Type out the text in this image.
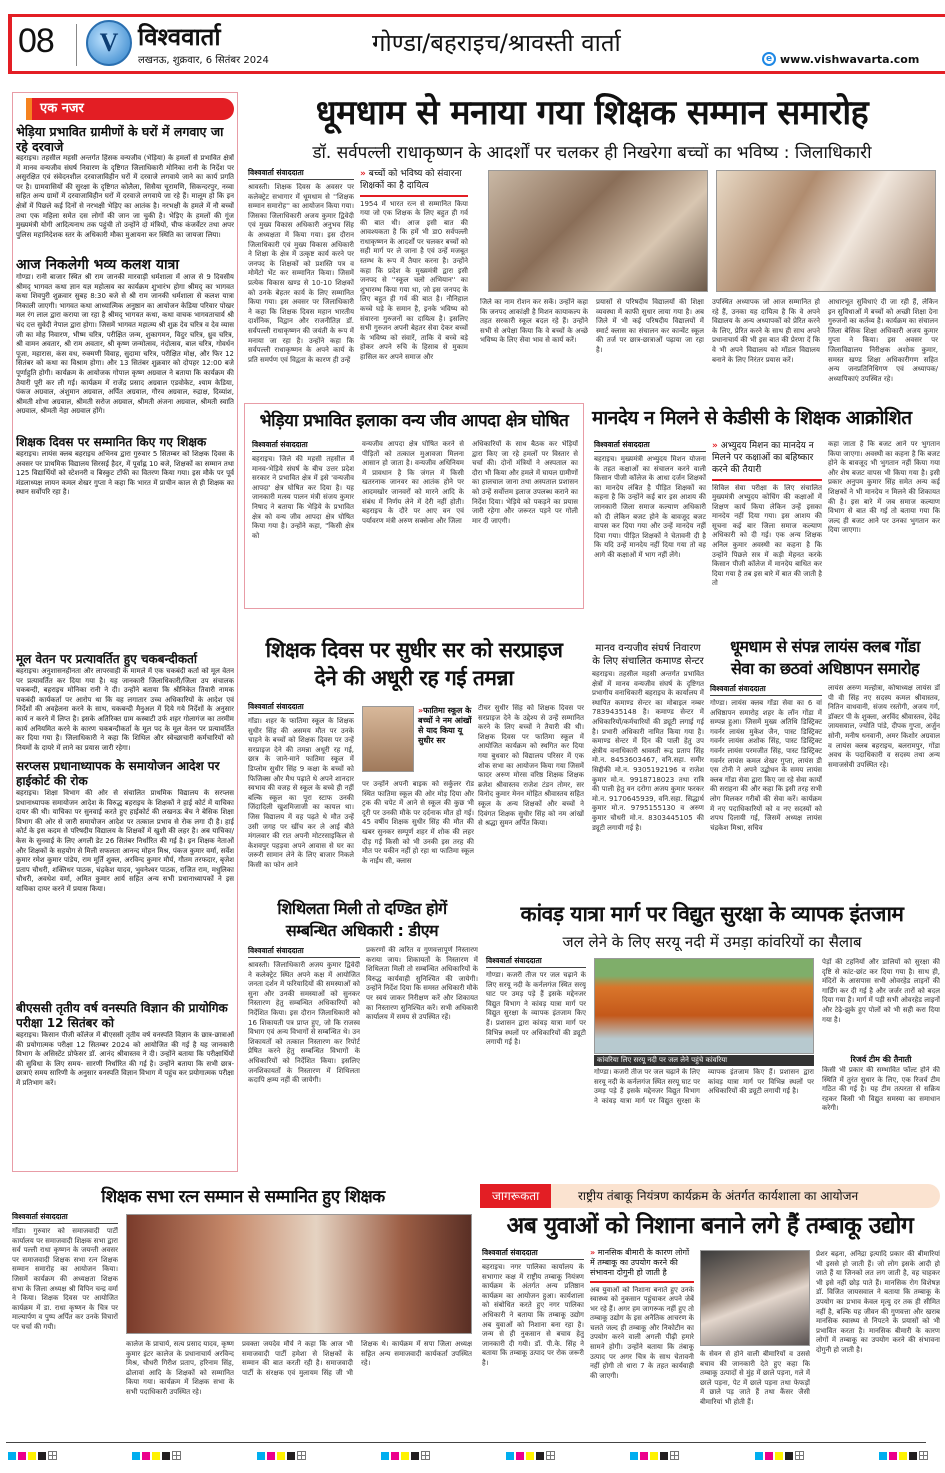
08 V विश्ववार्ता
लखनऊ, शुक्रवार, 6 सितंबर 2024
गोण्डा/बहराइच/श्रावस्ती वार्ता
e www.vishwavarta.com
एक नजर
भेड़िया प्रभावित ग्रामीणों के घरों में लगवाए जा रहे दरवाजे
बहराइच। तहसील महसी अन्तर्गत हिंसक वन्यजीव (भेड़िया) के हमलों से प्रभावित क्षेत्रों में मानव वन्यजीव संघर्ष निवारण के दृष्टिगत जिलाधिकारी मोनिका रानी के निर्देश पर असुरक्षित एवं संवेदनशील दरवाजाविहीन घरों में दरवाजे लगवाये जाने का कार्य प्रगति पर है। ग्रामवासियों की सुरक्षा के दृष्टिगत कोलैला, सिसैया चूरामणि, सिकन्दरपुर, नव्वा सहित अन्य ग्रामों में दरवाजाविहीन घरों में दरवाजे लगवाये जा रहे हैं। मालूम हो कि इन क्षेत्रों में पिछले कई दिनों से नरभक्षी भेड़िए का आतंक है। नरभक्षी के हमले में नौ बच्चों तथा एक महिला समेत दस लोगों की जान जा चुकी है। भेड़िए के हमलों की गूंज मुख्यमंत्री योगी आदित्यनाथ तक पहुंची तो उन्होंने दो मंत्रियों, चीफ कंजर्वेटर तथा अपर पुलिस महानिदेशक स्तर के अधिकारी मौका मुआयना कर स्थिति का जायजा लिया।
आज निकलेगी भव्य कलश यात्रा
गोण्डा। रानी बाजार स्थित श्री राम जानकी मारवाड़ी धर्मशाला में आज से 9 दिवसीय श्रीमद् भागवत कथा ज्ञान यज्ञ महोत्सव का कार्यक्रम शुभारंभ होगा श्रीमद् का भागवत कथा शिवपुरी शुक्रवार सुबह 8:30 बजे से श्री राम जानकी धर्मशाला से कलश यात्रा निकाली जाएगी। भागवत कथा आध्यात्मिक अनुष्ठान का आयोजन केडिया परिवार पोखर मल रंग लाल द्वारा कराया जा रहा है श्रीमद् भागवत कथा, कथा वाचक भागवताचार्य श्री चंद दत्त सुवेदी नेपाल द्वारा होगा। जिसमें भागवत महात्म्य श्री शुक्र देव चरित्र व देव व्यास जी का मोह निवारण, भीष्म चरित्र, परीक्षित जन्म, शुकागमन, विदुर चरित्र, ध्रुव चरित्र, श्री वामन अवतार, श्री राम अवतार, श्री कृष्ण जन्मोत्सव, नंदोत्सव, बाल चरित्र, गोवर्धन पूजा, महारास, कंस वध, रुक्मणी विवाह, सुदामा चरित्र, परीक्षित मोक्ष, और फिर 12 सितंबर को कथा का विश्राम होगा। और 13 सितंबर शुक्रवार को दोपहर 12:00 बजे पूर्णाहुति होगी। कार्यक्रम के आयोजक गोपाल कृष्ण अग्रवाल ने बताया कि कार्यक्रम की तैयारी पूरी कर ली गई। कार्यक्रम में राजेंद्र प्रसाद अग्रवाल एडवोकेट, श्याम केडिया, पंकज अग्रवाल, अंशुमान अग्रवाल, अर्पित अग्रवाल, गौरव अग्रवाल, रुद्राक्ष, दिव्यांश, श्रीमती शोभा अग्रवाल, श्रीमती सरोज अग्रवाल, श्रीमती अंजना अग्रवाल, श्रीमती स्वाति अग्रवाल, श्रीमती नेहा अग्रवाल होंगे।
शिक्षक दिवस पर सम्मानित किए गए शिक्षक
बहराइच। लायंस क्लब बहराइच अभिनव द्वारा गुरुवार 5 सितम्बर को शिक्षक दिवस के अवसर पर प्राथमिक विद्यालय सिरसई हैदर, में पूर्वाह्न 10 बजे, शिक्षकों का सम्मान तथा 125 विद्यार्थियों को स्टेशनरी व बिस्कुट टॉफी का वितरण किया गया। इस मौके पर पूर्व मंडलाध्यक्ष लायन कमल शेखर गुप्ता ने कहा कि भारत में प्राचीन काल से ही शिक्षक का स्थान सर्वोपरि रहा है।
मूल वेतन पर प्रत्यावर्तित हुए चकबन्दीकर्ता
बहराइच। अनुशासनहीनता और लापरवाही के मामले में एक चकबंदी कर्ता को मूल वेतन पर प्रत्यावर्तित कर दिया गया है। यह जानकारी जिलाधिकारी/जिला उप संचालक चकबन्दी, बहराइच मोनिका रानी ने दी। उन्होंने बताया कि श्रीनिकेत तिवारी नामक चकबंदी कार्यकर्ता पर आरोप था कि वह लगातार उच्च अधिकारियों के आदेश एवं निर्देशों की अवहेलना करने के साथ, चकबन्दी मैनुअल में दिये गये निर्देशों के अनुसार कार्य न करने में लिप्त है। इसके अतिरिक्त ग्राम कस्बाटी उर्फ शहर गोलागंज का तरमीम कार्य अनियमित करने के कारण चकबन्दीकर्ता के मूल पद के मूल वेतन पर प्रत्यावर्तित कर दिया गया है। जिलाधिकारी ने कहा कि शिथिल और स्वेच्छाचारी कर्मचारियों को नियमों के दायरे में लाने का प्रयास जारी रहेगा।
सरप्लस प्रधानाध्यापक के समायोजन आदेश पर हाईकोर्ट की रोक
बहराइच। शिक्षा विभाग की ओर से संचालित प्राथमिक विद्यालय के सरप्लस प्रधानाध्यापक समायोजन आदेश के विरुद्ध बहराइच के शिक्षकों ने हाई कोर्ट में याचिका दायर की थी। याचिका पर सुनवाई करते हुए हाईकोर्ट की लखनऊ बेंच ने बेसिक शिक्षा विभाग की ओर से जारी समायोजन आदेश पर तत्काल प्रभाव से रोक लगा दी है। हाई कोर्ट के इस कदम से परिषदीय विद्यालय के शिक्षकों में खुशी की लहर है। अब याचिका/केस के सुनवाई के लिए अगली डेट 26 सितंबर निर्धारित की गई है। इन शिक्षक नेताओं और शिक्षकों के सहयोग से मिली सफलता आनन्द मोहन मिश्र, पंकज कुमार वर्मा, सर्वेश कुमार रमेश कुमार पांडेय, राम मूर्ति शुक्ल, अरविन्द कुमार मौर्य, गौतम तरफदार, बृजेश प्रताप चौधरी, शक्तिधर पाठक, चंद्रकेश यादव, भुवनेश्वर पाठक, राजित राम, मधुलिका चौधरी, अवधेश वर्मा, अमित कुमार आर्य सहित अन्य सभी प्रधानाध्यापकों ने इस याचिका दायर करने में प्रयास किया।
बीएससी तृतीय वर्ष वनस्पति विज्ञान की प्रायोगिक परीक्षा 12 सितंबर को
बहराइच। किसान पीजी कॉलेज में बीएससी तृतीय वर्ष वनस्पति विज्ञान के छात्र-छात्राओं की प्रयोगात्मक परीक्षा 12 सितम्बर 2024 को आयोजित की गई है यह जानकारी विभाग के असिस्टेंट प्रोफेसर डॉ. आनंद श्रीवास्तव ने दी। उन्होंने बताया कि परीक्षार्थियों की सुविधा के लिए समय- सारणी निर्धारित की गई है। उन्होंने बताया कि सभी छात्र-छात्राएं समय सारिणी के अनुसार वनस्पति विज्ञान विभाग में पहुंच कर प्रयोगात्मक परीक्षा में प्रतिभाग करें।
धूमधाम से मनाया गया शिक्षक सम्मान समारोह
डॉ. सर्वपल्ली राधाकृष्णन के आदर्शों पर चलकर ही निखरेगा बच्चों का भविष्य : जिलाधिकारी
विश्ववार्ता संवाददाता
श्रावस्ती। शिक्षक दिवस के अवसर पर कलेक्ट्रेट सभागार में धूमधाम से ''शिक्षक सम्मान समारोह'' का आयोजन किया गया। जिसका जिलाधिकारी अजय कुमार द्विवेदी एवं मुख्य विकास अधिकारी अनुभव सिंह के अध्यक्षता में किया गया। इस दौरान जिलाधिकारी एवं मुख्य विकास अधिकारी ने शिक्षा के क्षेत्र में उत्कृष्ट कार्य करने पर जनपद के शिक्षकों को प्रशस्ति पत्र व मोमेंटो भेंट कर सम्मानित किया। जिसमें प्रत्येक विकास खण्ड से 10-10 शिक्षकों को उनके बेहतर कार्य के लिए सम्मानित किया गया। इस अवसर पर जिलाधिकारी ने कहा कि शिक्षक दिवस महान भारतीय दार्शनिक, विद्वान और राजनीतिज्ञ डॉ. सर्वपल्ली राधाकृष्णन की जयंती के रूप में मनाया जा रहा है। उन्होंने कहा कि सर्वपल्ली राधाकृष्णन के अपने कार्य के प्रति समर्पण एवं विद्वता के कारण ही उन्हें
» बच्चों को भविष्य को संवारना शिक्षकों का है दायित्व
1954 में भारत रत्न से सम्मानित किया गया जो एक शिक्षक के लिए बहुत ही गर्व की बात थी। आज इसी बात की आवश्यकता है कि हमें भी डा0 सर्वपल्ली राधाकृष्णन के आदर्शों पर चलकर बच्चों को सही मार्ग पर ले जाना है एवं उन्हें मजबूत स्तम्भ के रूप में तैयार करना है। उन्होंने कहा कि प्रदेश के मुख्यमंत्री द्वारा इसी जनपद से ''स्कूल चलो अभियान'' का शुभारम्भ किया गया था, जो इस जनपद के लिए बहुत ही गर्व की बात है। नौनिहाल कच्चे घड़े के समान है, इनके भविष्य को संवारना गुरुजनों का दायित्व है। इसलिए सभी गुरुजन अपनी बेहतर सेवा देकर बच्चों के भविष्य को संवारें, ताकि वे बच्चे बड़े होकर अपने रुचि के हिसाब से मुकाम हासिल कर अपने समाज और
जिले का नाम रोशन कर सकें। उन्होंने कहा कि जनपद आकांक्षी है मिशन कायाकल्प के तहत सरकारी स्कूल बदल रहे हैं। उन्होंने सभी से अपेक्षा किया कि वे बच्चों के अच्छे भविष्य के लिए सेवा भाव से कार्य करें।
प्रयासों से परिषदीय विद्यालयों की शिक्षा व्यवस्था में काफी सुधार लाया गया है। अब जिले में भी कई परिषदीय विद्यालयों में स्मार्ट क्लास का संचालन कर कान्वेंट स्कूल की तर्ज पर छात्र-छात्राओं पढ़ाया जा रहा है।
उपस्थित अध्यापक जो आज सम्मानित हो रहे हैं, उनका यह दायित्व है कि वे अपने विद्यालय के अन्य अध्यापकों को प्रेरित करने के लिए, प्रेरित करने के साथ ही साथ अपने प्रधानाचार्य की भी इस बात की प्रेरणा दें कि वे भी अपने विद्यालय को मॉडल विद्यालय बनाने के लिए निरंतर प्रयास करें।
आधारभूत सुविधाएं दी जा रही हैं, लेकिन इन सुविधाओं में बच्चों को अच्छी शिक्षा देना गुरुजनों का कर्तव्य है। कार्यक्रम का संचालन जिला बेसिक शिक्षा अधिकारी अजय कुमार गुप्ता ने किया। इस अवसर पर जिलाविद्यालय निरीक्षक अशोक कुमार, समस्त खण्ड शिक्षा अधिकारीगण सहित अन्य जनप्रतिनिधिगण एवं अध्यापक/अध्यापिकाएं उपस्थित रहे।
भेड़िया प्रभावित इलाका वन्य जीव आपदा क्षेत्र घोषित
विश्ववार्ता संवाददाता
बहराइच। जिले की महसी तहसील में मानव-भेड़िये संघर्ष के बीच उत्तर प्रदेश सरकार ने प्रभावित क्षेत्र में इसे 'वन्यजीव आपदा' क्षेत्र घोषित कर दिया है। यह जानकारी मत्स्य पालन मंत्री संजय कुमार निषाद ने बताया कि भेड़िये के प्रभावित क्षेत्र को वन्य जीव आपदा क्षेत्र घोषित किया गया है। उन्होंने कहा, "किसी क्षेत्र को
वन्यजीव आपदा क्षेत्र घोषित करने से पीड़ितों को तत्काल मुआवजा मिलना आसान हो जाता है। वन्यजीव अधिनियम में प्रावधान है कि जंगल में किसी खतरनाक जानवर का आतंक होने पर आदमखोर जानवरों को मारने आदि के संबंध में निर्णय लेने में देरी नहीं होती। बहराइच के दौरे पर आए वन एवं पर्यावरण मंत्री अरुण सक्सेना और जिला
अधिकारियों के साथ बैठक कर भेड़ियों द्वारा किए जा रहे हमलों पर विस्तार से चर्चा की। दोनों मंत्रियों ने अस्पताल का दौरा भी किया और हमले में घायल ग्रामीणों का हालचाल जाना तथा अस्पताल प्रशासन को उन्हें सर्वोत्तम इलाज उपलब्ध कराने का निर्देश दिया। भेड़िये को पकड़ने का प्रयास जारी रहेगा और जरूरत पड़ने पर गोली मार दी जाएगी।
मानदेय न मिलने से केडीसी के शिक्षक आक्रोशित
विश्ववार्ता संवाददाता
बहराइच। मुख्यमंत्री अभ्युदय मिशन योजना के तहत कक्षाओं का संचालन करने वाली किसान पीजी कॉलेज के आधा दर्जन शिक्षकों का मानदेय लंबित है पीड़ित शिक्षकों का कहना है कि उन्होंने कई बार इस आशय की जानकारी जिला समाज कल्याण अधिकारी को दी लेकिन बजट होने के बावजूद बजट वापस कर दिया गया और उन्हें मानदेय नहीं दिया गया। पीड़ित शिक्षकों ने चेतावनी दी है कि यदि उन्हें मानदेय नहीं दिया गया तो वह आगे की कक्षाओं में भाग नहीं लेंगे।
» अभ्युदय मिशन का मानदेय न मिलने पर कक्षाओं का बहिष्कार करने की तैयारी
सिविल सेवा परीक्षा के लिए संचालित मुख्यमंत्री अभ्युदय कोचिंग की कक्षाओं में शिक्षण कार्य किया लेकिन उन्हें इसका मानदेय नहीं दिया गया। इस आशय की सूचना कई बार जिला समाज कल्याण अधिकारी को दी गई। एक अन्य शिक्षक अनिल कुमार अवस्थी का कहना है कि उन्होंने पिछले सत्र में कड़ी मेहनत करके किसान पीजी कॉलेज में मानदेय बाधित कर दिया गया है तब इस बारे में बात की जाती है तो
कहा जाता है कि बजट आने पर भुगतान किया जाएगा। अवस्थी का कहना है कि बजट होने के बावजूद भी भुगतान नहीं किया गया और शेष बजट वापस भी किया गया है। इसी प्रकार अनुपम कुमार सिंह समेत अन्य कई शिक्षकों ने भी मानदेय न मिलने की शिकायत की है। इस बारे में जब समाज कल्याण विभाग से बात की गई तो बताया गया कि जल्द ही बजट आने पर उनका भुगतान कर दिया जाएगा।
शिक्षक दिवस पर सुधीर सर को सरप्राइज
देने की अधूरी रह गई तमन्ना
विश्ववार्ता संवाददाता
गोंडा। शहर के फातिमा स्कूल के शिक्षक सुधीर सिंह की असमय मौत पर उनके चाहने के बच्चों को शिक्षक दिवस पर उन्हें सरप्राइज देने की तमन्ना अधूरी रह गई, छात्र के जाने-माने फातिमा स्कूल में डिप्लोम सुधीर सिंह 9 कक्षा के बच्चों को फिजिक्स और मैथ पढ़ाते थे अपने शानदार स्वभाव की वजह से स्कूल के बच्चे ही नहीं बल्कि स्कूल का पूरा स्टाफ उनकी जिंदादिली खुशमिजाजी का कायल था। जिस विद्यालय में वह पढ़ते थे मौत उन्हें उसी जगह पर खींच कर ले आई बीते मंगलवार की रात अपनी मोटरसाइकिल से केशवपुर पहड़वा अपने आवास से घर का जरूरी सामान लेने के लिए बाजार निकले किसी का फोन आने
»फातिमा स्कूल के बच्चों ने नम आंखों से याद किया यू सुधीर सर
पर उन्होंने अपनी बाइक को सर्कुलर रोड स्थित फातिमा स्कूल की ओर मोड़ दिया और ट्रक की चपेट में आने से स्कूल की कुछ भी दूरी पर उनकी मौके पर दर्दनाक मौत हो गई। 45 वर्षीय शिक्षक सुधीर सिंह की मौत की खबर सुनकर सम्पूर्ण शहर में शोक की लहर दौड़ गई किसी को भी उनकी इस तरह की मौत पर यकीन नहीं हो रहा था फातिमा स्कूल के नाईंथ सी, क्लास
टीचर सुधीर सिंह को शिक्षक दिवस पर सरप्राइज देने के उद्देश्य से उन्हें सम्मानित करने के लिए बच्चों ने तैयारी की थी। शिक्षक दिवस पर फातिमा स्कूल में आयोजित कार्यक्रम को स्थगित कर दिया गया बुधवार को विद्यालय परिसर में एक शोक सभा का आयोजन किया गया जिसमें फादर अरुण मोरस वरिष्ठ शिक्षक शिक्षक ब्रजेश श्रीवास्तव राजेश टंडन तोमर, सर विनोद कुमार मेनन मोहित श्रीवास्तव सहित स्कूल के अन्य शिक्षकों और बच्चों ने दिवंगत शिक्षक सुधीर सिंह को नम आंखों से श्रद्धा सुमन अर्पित किया।
मानव वन्यजीव संघर्ष निवारण के लिए संचालित कमाण्ड सेन्टर
बहराइच। तहसील महसी अन्तर्गत प्रभावित क्षेत्रों में मानव वन्यजीव संघर्ष के दृष्टिगत प्रभागीय वनाधिकारी बहराइच के कार्यालय में स्थापित कमाण्ड सेन्टर का मोबाइल नम्बर 7839435148 है। कमाण्ड सेन्टर में अधिकारियों/कर्मचारियों की ड्यूटी लगाई गई है। प्रभारी अधिकारी नामित किया गया है। कमाण्ड सेन्टर में दिन की पाली हेतु उप क्षेत्रीय वनाधिकारी श्रावस्ती रूद्र प्रताप सिंह मो.न. 8453603467, वनि.सहा. समीर सिद्दीकी मो.न. 9305192196 व राजेश कुमार मो.न. 9918718023 तथा रात्रि की पाली हेतु वन दरोगा अजय कुमार फरकर मो.न. 9170645939, वनि.सहा. सिद्धार्थ कुमार मो.न. 9795155130 व अरुण कुमार चौधरी मो.न. 8303445105 की ड्यूटी लगायी गई है।
धूमधाम से संपन्न लायंस क्लब गोंडा
सेवा का छठवां अधिष्ठापन समारोह
विश्ववार्ता संवाददाता
गोण्डा। लायंस क्लब गोंडा सेवा का 6 वां अधिष्ठापन समारोह शहर के लॉन गोंडा में सम्पन्न हुआ। जिसमें मुख्य अतिथि डिस्ट्रिक्ट गवर्नर लायंस मुकेश जैन, पास्ट डिस्ट्रिक्ट गवर्नर लायंस अशोक सिंह, पास्ट डिस्ट्रिक्ट गवर्नर लायंस परमजीत सिंह, पास्ट डिस्ट्रिक्ट गवर्नर लायंस कमल शेखर गुप्ता, लायंस डी एस टोनी ने अपने उद्बोधन के समय लायंस क्लब गोंडा सेवा द्वारा किए जा रहे सेवा कार्यों की सराहना की और कहा कि इसी तरह सभी लोग मिलकर गरीबों की सेवा करें। कार्यक्रम में नए पदाधिकारियों को व नए सदस्यों को शपथ दिलायी गई, जिसमें अध्यक्ष लायंस चंद्रकेश मिश्रा, सचिव
लायंस अरुण मल्होत्रा, कोषाध्यक्ष लायंस डॉ पी वी सिंह नए सदस्य कमल श्रीवास्तव, नितिन वाधवानी, संजय रस्तोगी, अजय गर्ग, डॉक्टर पी के शुक्ला, अरविंद श्रीवास्तव, देवेंद्र जायसवाल, ज्योति पांडे, दीपक गुप्ता, अर्जुन सोनी, मनीष धनवानी, अमर किशोर अग्रवाल व लायंस क्लब बहराइच, बलरामपुर, गोंडा अवध के पदाधिकारी व सदस्य तथा अन्य समाजसेवी उपस्थित रहे।
शिथिलता मिली तो दण्डित होगें
सम्बन्धित अधिकारी : डीएम
विश्ववार्ता संवाददाता
श्रावस्ती। जिलाधिकारी अजय कुमार द्विवेदी ने कलेक्ट्रेट स्थित अपने कक्ष में आयोजित जनता दर्शन में फरियादियों की समस्याओं को सुना और उनकी समस्याओं को सुनकर निस्तारण हेतु सम्बन्धित अधिकारियों को निर्देशित किया। इस दौरान जिलाधिकारी को 16 शिकायती पत्र प्राप्त हुए, जो कि राजस्व विभाग एवं अन्य विभागों से सम्बन्धित थे। उन शिकायतों को तत्काल निस्तारण कर रिपोर्ट प्रेषित करने हेतु सम्बन्धित विभागों के अधिकारियों को निर्देशित किया। इसलिए जनशिकायतों के निस्तारण में शिथिलता कदापि क्षम्य नहीं की जायेगी।
प्रकरणों की त्वरित व गुणवत्तापूर्ण निस्तारण कराया जाय। शिकायतों के निस्तारण में शिथिलता मिली तो सम्बन्धित अधिकारियों के विरुद्ध कार्यवाही सुनिश्चित की जायेगी। उन्होंने निर्देश दिया कि समस्त अधिकारी मौके पर स्वयं जाकर निरीक्षण करें और शिकायत का निस्तारण सुनिश्चित करें। सभी अधिकारी कार्यालय में समय से उपस्थित रहें।
कांवड़ यात्रा मार्ग पर विद्युत सुरक्षा के व्यापक इंतजाम
जल लेने के लिए सरयू नदी में उमड़ा कांवरियों का सैलाब
विश्ववार्ता संवाददाता
गोण्डा। कजरी तीज पर जल चढ़ाने के लिए सरयू नदी के कर्नलगंज स्थित सरयू घाट पर उमड़ पड़े हैं इसके मद्देनजर विद्युत विभाग ने कांवड़ यात्रा मार्ग पर विद्युत सुरक्षा के व्यापक इंतजाम किए हैं। प्रशासन द्वारा कांवड़ यात्रा मार्ग पर विभिन्न स्थलों पर अधिकारियों की ड्यूटी लगायी गई है।
कांवरिया लिए सरयू नदी पर जल लेने पहुंचे कांवरिया
पेड़ों की टहनियों और डालियों को सुरक्षा की दृष्टि से कांट-छांट कर दिया गया है। साथ ही, मंदिरों के आसपास सभी ओवरहेड लाइनों की गार्डिंग कर दी गई है और जर्जर तारों को बदल दिया गया है। मार्ग में पड़ी सभी ओवरहेड लाइनों और टेढ़े-झुके हुए पोलों को भी सही करा दिया गया है।
रिजर्व टीम की तैनाती
किसी भी प्रकार की सम्भावित फॉल्ट होने की स्थिति में तुरंत सुधार के लिए, एक रिजर्व टीम गठित की गई है। यह टीम तत्परता से सक्रिय रहकर किसी भी विद्युत समस्या का समाधान करेगी।
गोण्डा। कजरी तीज पर जल चढ़ाने के लिए सरयू नदी के कर्नलगंज स्थित सरयू घाट पर उमड़ पड़े हैं इसके मद्देनजर विद्युत विभाग ने कांवड़ यात्रा मार्ग पर विद्युत सुरक्षा के व्यापक इंतजाम किए हैं। प्रशासन द्वारा कांवड़ यात्रा मार्ग पर विभिन्न स्थलों पर अधिकारियों की ड्यूटी लगायी गई है।
शिक्षक सभा रत्न सम्मान से सम्मानित हुए शिक्षक
विश्ववार्ता संवाददाता
गोंडा। गुरुवार को समाजवादी पार्टी कार्यालय पर समाजवादी शिक्षक सभा द्वारा सर्व पल्ली राधा कृष्णन के जयन्ती अवसर पर समाजवादी शिक्षक सभा रत्न शिक्षक सम्मान समारोह का आयोजन किया। जिसमें कार्यक्रम की अध्यक्षता शिक्षक सभा के जिला अध्यक्ष श्री विपिन चन्द्र वर्मा ने किया। शिक्षक दिवस पर आयोजित कार्यक्रम में डा. राधा कृष्णन के चित्र पर माल्यार्पण व पुष्प अर्पित कर उनके विचारों पर चर्चा की गयी।
कालेज के प्राचार्य, सत्य प्रसाद यादव, कृष्ण कुमार इंटर कालेज के प्रधानाचार्य अरविन्द मिश्र, चौधरी गिरीश प्रताप, हरिनाम सिंह, ढोलावां आदि के शिक्षकों को सम्मानित किया गया। कार्यक्रम में शिक्षक सभा के सभी पदाधिकारी उपस्थित रहे।
प्रवक्ता जयदेव मौर्य ने कहा कि आज भी समाजवादी पार्टी हमेशा से शिक्षकों के सम्मान की बात करती रही है। समाजवादी पार्टी के संरक्षक एवं मुलायम सिंह जी भी शिक्षक थे। कार्यक्रम में सपा जिला अध्यक्ष सहित अन्य समाजवादी कार्यकर्ता उपस्थित रहे।
जागरूकता	राष्ट्रीय तंबाकू नियंत्रण कार्यक्रम के अंतर्गत कार्यशाला का आयोजन
अब युवाओं को निशाना बनाने लगे हैं तम्बाकू उद्योग
विश्ववार्ता संवाददाता
बहराइच। नगर पालिका कार्यालय के सभागार कक्ष में राष्ट्रीय तम्बाकू नियंत्रण कार्यक्रम के अंतर्गत अन्य प्रतिष्ठान कार्यक्रम का आयोजन हुआ। कार्यशाला को संबोधित करते हुए नगर पालिका अधिकारी ने बताया कि तम्बाकू उद्योग अब युवाओं को निशाना बना रहा है। जन्म से ही नुकसान से बचाव हेतु जानकारी दी गयी। डॉ. पी.के. सिंह ने बताया कि तम्बाकू उत्पाद पर रोक जरूरी है।
» मानसिक बीमारी के कारण लोगों में तम्बाकू का उपयोग करने की संभावना दोगुनी हो जाती है
अब युवाओं को निशाना बनाते हुए उनके स्वास्थ्य को नुकसान पहुंचाकर अपने जेबें भर रहे हैं। अगर हम जागरूक नहीं हुए तो तम्बाकू उद्योग के इस अनैतिक आचरण के चलते जल्द ही तम्बाकू और निकोटीन का उपयोग करने वाली अगली पीढ़ी हमारे सामने होगी। उन्होंने बताया कि तंबाकू उत्पाद पर अगर चित्र के साथ चेतावनी नहीं होगी तो धारा 7 के तहत कार्यवाही की जाएगी।
के सेवन से होने वाली बीमारियों व उससे बचाव की जानकारी देते हुए कहा कि तम्बाकू उत्पादों से मुंह में छाले पड़ना, गले में छाले पड़ना, पेट में छाले पड़ना तथा फेफड़ों में छाले पड़ जाते हैं तथा कैंसर जैसी बीमारियां भी होती हैं।
प्रेशर बढ़ना, अनिद्रा इत्यादि प्रकार की बीमारियां भी इससे हो जाती हैं। जो लोग इसके आदी हो जाते हैं या जिनको लत लग जाती है, वह चाहकर भी इसे नहीं छोड़ पाते हैं। मानसिक रोग विशेषज्ञ डॉ. विजित जायसवाल ने बताया कि तम्बाकू के उपयोग का प्रभाव केवल मृत्यु दर तक ही सीमित नहीं है, बल्कि यह जीवन की गुणवत्ता और खराब मानसिक स्वास्थ्य से निपटने के प्रयासों को भी प्रभावित करता है। मानसिक बीमारी के कारण लोगों में तम्बाकू का उपयोग करने की संभावना दोगुनी हो जाती है।
